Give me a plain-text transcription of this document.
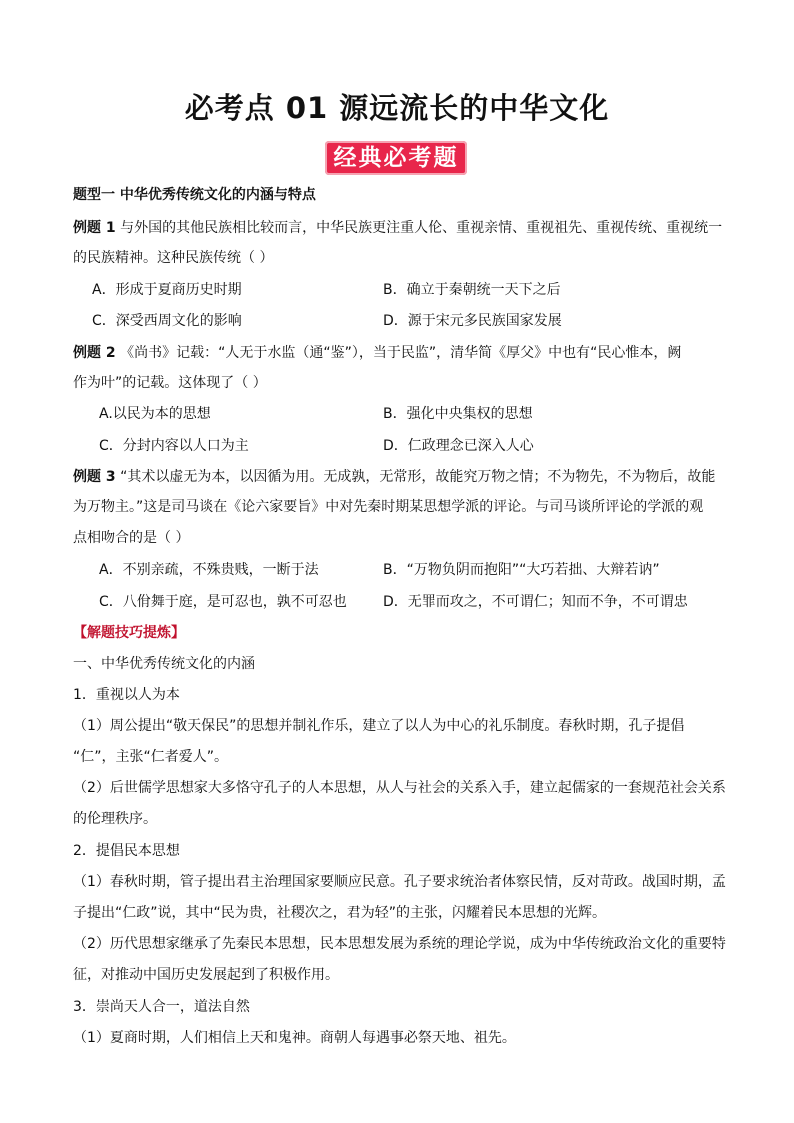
必考点 01 源远流长的中华文化
经典必考题
题型一 中华优秀传统文化的内涵与特点
例题 1 与外国的其他民族相比较而言，中华民族更注重人伦、重视亲情、重视祖先、重视传统、重视统一
的民族精神。这种民族传统（ ）
A．形成于夏商历史时期	B．确立于秦朝统一天下之后
C．深受西周文化的影响	D．源于宋元多民族国家发展
例题 2 《尚书》记载：“人无于水监（通“鉴”），当于民监”，清华简《厚父》中也有“民心惟本，阙
作为叶”的记载。这体现了（ ）
A.以民为本的思想	B．强化中央集权的思想
C．分封内容以人口为主	D．仁政理念已深入人心
例题 3 “其术以虚无为本，以因循为用。无成孰，无常形，故能究万物之情；不为物先，不为物后，故能
为万物主。”这是司马谈在《论六家要旨》中对先秦时期某思想学派的评论。与司马谈所评论的学派的观
点相吻合的是（ ）
A．不别亲疏，不殊贵贱，一断于法	B．“万物负阴而抱阳”“大巧若拙、大辩若讷”
C．八佾舞于庭，是可忍也，孰不可忍也	D．无罪而攻之，不可谓仁；知而不争，不可谓忠
【解题技巧提炼】
一、中华优秀传统文化的内涵
1．重视以人为本
（1）周公提出“敬天保民”的思想并制礼作乐，建立了以人为中心的礼乐制度。春秋时期，孔子提倡
“仁”，主张“仁者爱人”。
（2）后世儒学思想家大多恪守孔子的人本思想，从人与社会的关系入手，建立起儒家的一套规范社会关系
的伦理秩序。
2．提倡民本思想
（1）春秋时期，管子提出君主治理国家要顺应民意。孔子要求统治者体察民情，反对苛政。战国时期，孟
子提出“仁政”说，其中“民为贵，社稷次之，君为轻”的主张，闪耀着民本思想的光辉。
（2）历代思想家继承了先秦民本思想，民本思想发展为系统的理论学说，成为中华传统政治文化的重要特
征，对推动中国历史发展起到了积极作用。
3．崇尚天人合一，道法自然
（1）夏商时期，人们相信上天和鬼神。商朝人每遇事必祭天地、祖先。
